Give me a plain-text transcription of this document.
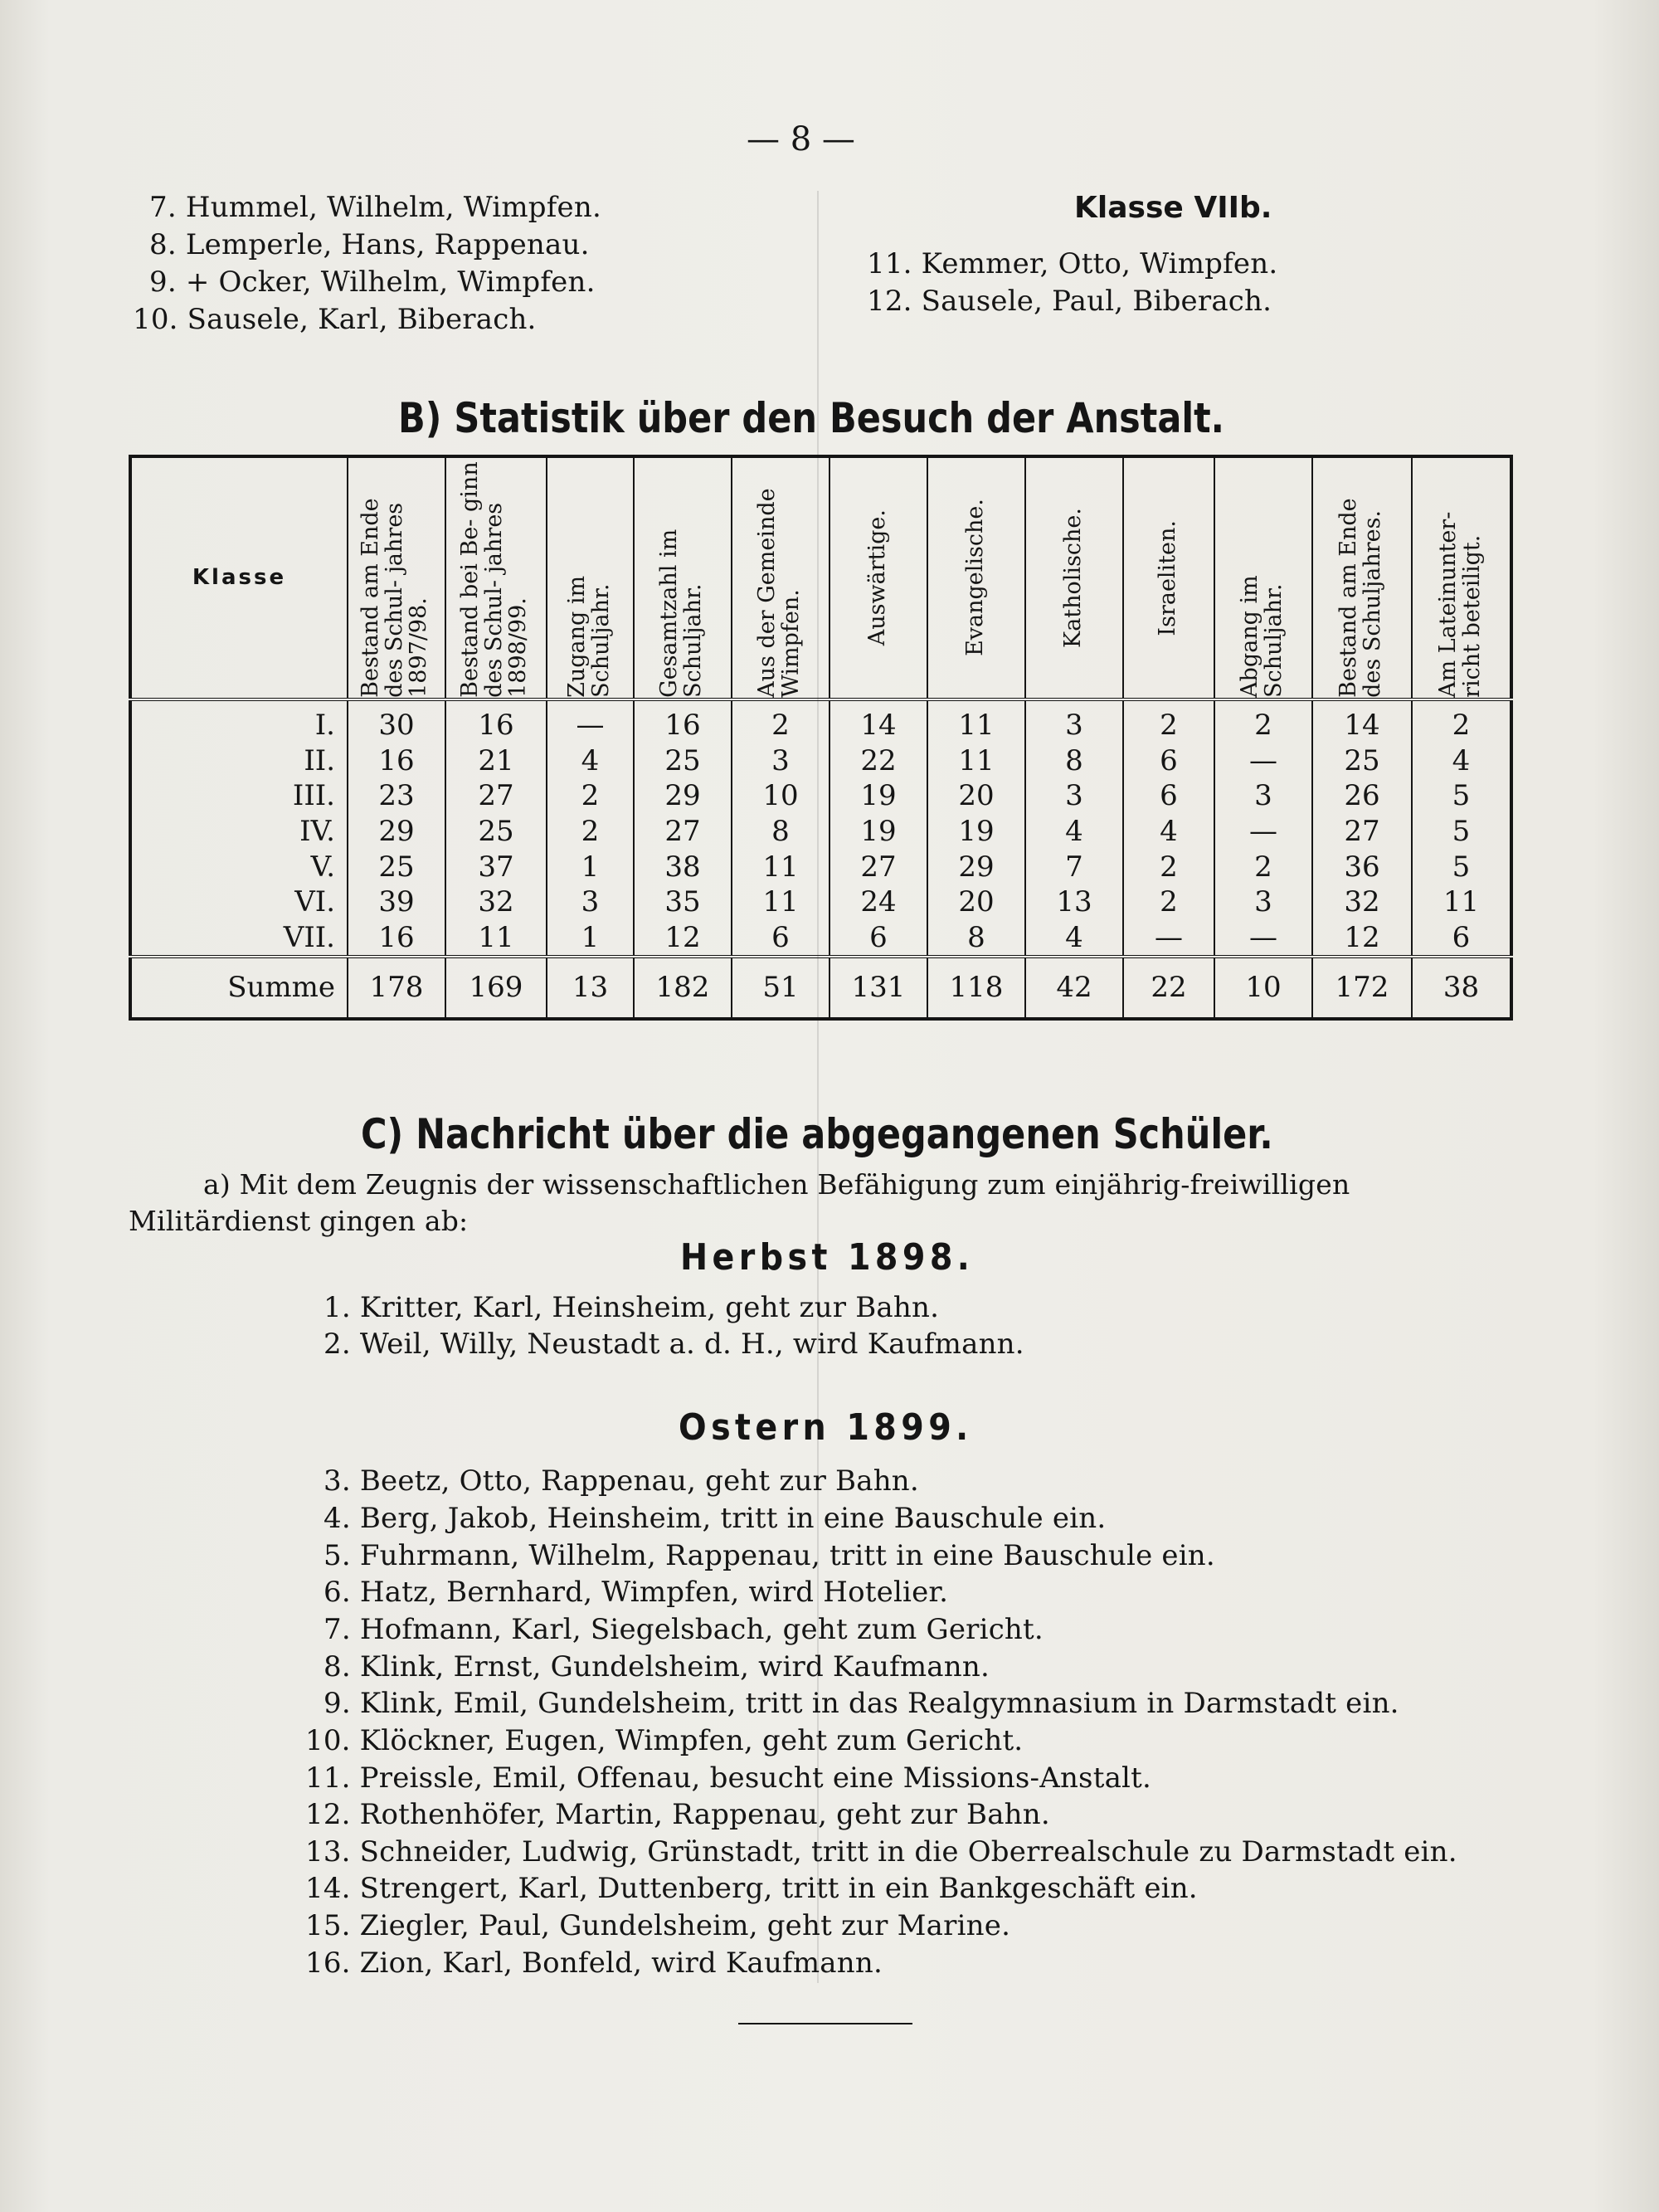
— 8 —
7. Hummel, Wilhelm, Wimpfen.
8. Lemperle, Hans, Rappenau.
9. + Ocker, Wilhelm, Wimpfen.
10. Sausele, Karl, Biberach.
Klasse VIIb.
11. Kemmer, Otto, Wimpfen.
12. Sausele, Paul, Biberach.
B) Statistik über den Besuch der Anstalt.
Klasse	Bestand am Ende des Schul- jahres 1897/98.	Bestand bei Be- ginn des Schul- jahres 1898/99.	Zugang im Schuljahr.	Gesamtzahl im Schuljahr.	Aus der Gemeinde Wimpfen.	Auswärtige.	Evangelische.	Katholische.	Israeliten.	Abgang im Schuljahr.	Bestand am Ende des Schuljahres.	Am Lateinunter- richt beteiligt.

I.	30	16	—	16	2	14	11	3	2	2	14	2
II.	16	21	4	25	3	22	11	8	6	—	25	4
III.	23	27	2	29	10	19	20	3	6	3	26	5
IV.	29	25	2	27	8	19	19	4	4	—	27	5
V.	25	37	1	38	11	27	29	7	2	2	36	5
VI.	39	32	3	35	11	24	20	13	2	3	32	11
VII.	16	11	1	12	6	6	8	4	—	—	12	6
Summe	178	169	13	182	51	131	118	42	22	10	172	38
C) Nachricht über die abgegangenen Schüler.
a) Mit dem Zeugnis der wissenschaftlichen Befähigung zum einjährig-freiwilligen
Militärdienst gingen ab:
Herbst 1898.
1. Kritter, Karl, Heinsheim, geht zur Bahn.
2. Weil, Willy, Neustadt a. d. H., wird Kaufmann.
Ostern 1899.
3. Beetz, Otto, Rappenau, geht zur Bahn.
4. Berg, Jakob, Heinsheim, tritt in eine Bauschule ein.
5. Fuhrmann, Wilhelm, Rappenau, tritt in eine Bauschule ein.
6. Hatz, Bernhard, Wimpfen, wird Hotelier.
7. Hofmann, Karl, Siegelsbach, geht zum Gericht.
8. Klink, Ernst, Gundelsheim, wird Kaufmann.
9. Klink, Emil, Gundelsheim, tritt in das Realgymnasium in Darmstadt ein.
10. Klöckner, Eugen, Wimpfen, geht zum Gericht.
11. Preissle, Emil, Offenau, besucht eine Missions-Anstalt.
12. Rothenhöfer, Martin, Rappenau, geht zur Bahn.
13. Schneider, Ludwig, Grünstadt, tritt in die Oberrealschule zu Darmstadt ein.
14. Strengert, Karl, Duttenberg, tritt in ein Bankgeschäft ein.
15. Ziegler, Paul, Gundelsheim, geht zur Marine.
16. Zion, Karl, Bonfeld, wird Kaufmann.
